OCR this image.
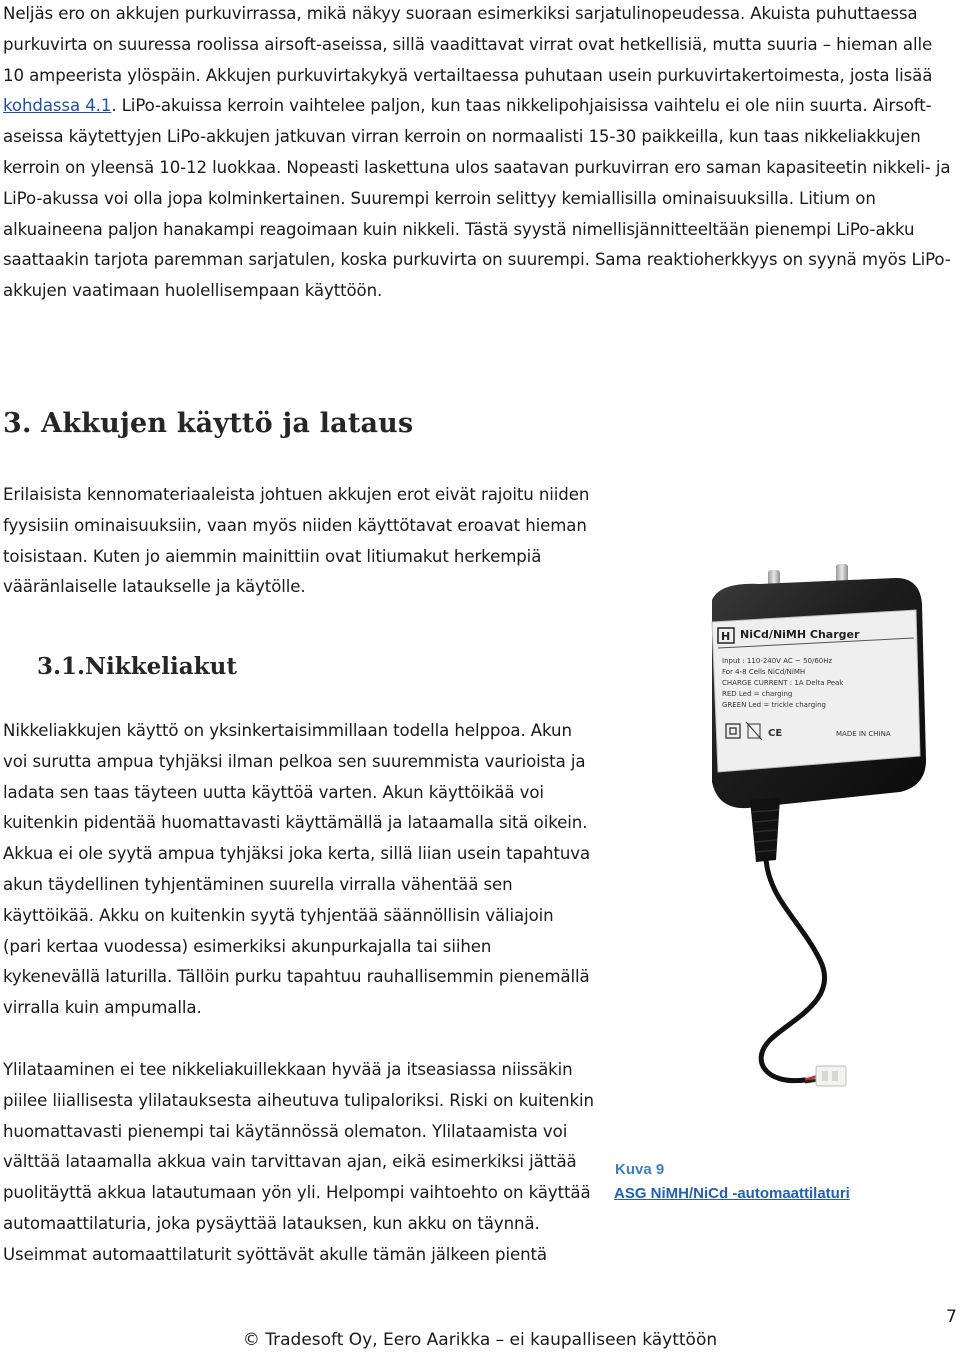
Neljäs ero on akkujen purkuvirrassa, mikä näkyy suoraan esimerkiksi sarjatulinopeudessa. Akuista puhuttaessa purkuvirta on suuressa roolissa airsoft-aseissa, sillä vaadittavat virrat ovat hetkellisiä, mutta suuria – hieman alle 10 ampeerista ylöspäin. Akkujen purkuvirtakykyä vertailtaessa puhutaan usein purkuvirtakertoimesta, josta lisää kohdassa 4.1. LiPo-akuissa kerroin vaihtelee paljon, kun taas nikkelipohjaisissa vaihtelu ei ole niin suurta. Airsoft-aseissa käytettyjen LiPo-akkujen jatkuvan virran kerroin on normaalisti 15-30 paikkeilla, kun taas nikkeliakkujen kerroin on yleensä 10-12 luokkaa. Nopeasti laskettuna ulos saatavan purkuvirran ero saman kapasiteetin nikkeli- ja LiPo-akussa voi olla jopa kolminkertainen. Suurempi kerroin selittyy kemiallisilla ominaisuuksilla. Litium on alkuaineena paljon hanakampi reagoimaan kuin nikkeli. Tästä syystä nimellisjännitteeltään pienempi LiPo-akku saattaakin tarjota paremman sarjatulen, koska purkuvirta on suurempi. Sama reaktioherkkyys on syynä myös LiPo-akkujen vaatimaan huolellisempaan käyttöön.

3. Akkujen käyttö ja lataus

Erilaisista kennomateriaaleista johtuen akkujen erot eivät rajoitu niiden fyysisiin ominaisuuksiin, vaan myös niiden käyttötavat eroavat hieman toisistaan. Kuten jo aiemmin mainittiin ovat litiumakut herkempiä vääränlaiselle lataukselle ja käytölle.

3.1.Nikkeliakut

Nikkeliakkujen käyttö on yksinkertaisimmillaan todella helppoa. Akun voi surutta ampua tyhjäksi ilman pelkoa sen suuremmista vaurioista ja ladata sen taas täyteen uutta käyttöä varten. Akun käyttöikää voi kuitenkin pidentää huomattavasti käyttämällä ja lataamalla sitä oikein. Akkua ei ole syytä ampua tyhjäksi joka kerta, sillä liian usein tapahtuva akun täydellinen tyhjentäminen suurella virralla vähentää sen käyttöikää. Akku on kuitenkin syytä tyhjentää säännöllisin väliajoin (pari kertaa vuodessa) esimerkiksi akunpurkajalla tai siihen kykenevällä laturilla. Tällöin purku tapahtuu rauhallisemmin pienemällä virralla kuin ampumalla.

Ylilataaminen ei tee nikkeliakuillekkaan hyvää ja itseasiassa niissäkin piilee liiallisesta ylilatauksesta aiheutuva tulipaloriksi. Riski on kuitenkin huomattavasti pienempi tai käytännössä olematon. Ylilataamista voi välttää lataamalla akkua vain tarvittavan ajan, eikä esimerkiksi jättää puolitäyttä akkua latautumaan yön yli. Helpompi vaihtoehto on käyttää automaattilaturia, joka pysäyttää latauksen, kun akku on täynnä. Useimmat automaattilaturit syöttävät akulle tämän jälkeen pientä

H NiCd/NiMH Charger
Input : 110-240V AC ~ 50/60Hz
For 4-8 Cells NiCd/NiMH
CHARGE CURRENT : 1A Delta Peak
RED Led = charging
GREEN Led = trickle charging
CE	MADE IN CHINA
Kuva 9
ASG NiMH/NiCd -automaattilaturi
7
© Tradesoft Oy, Eero Aarikka – ei kaupalliseen käyttöön
